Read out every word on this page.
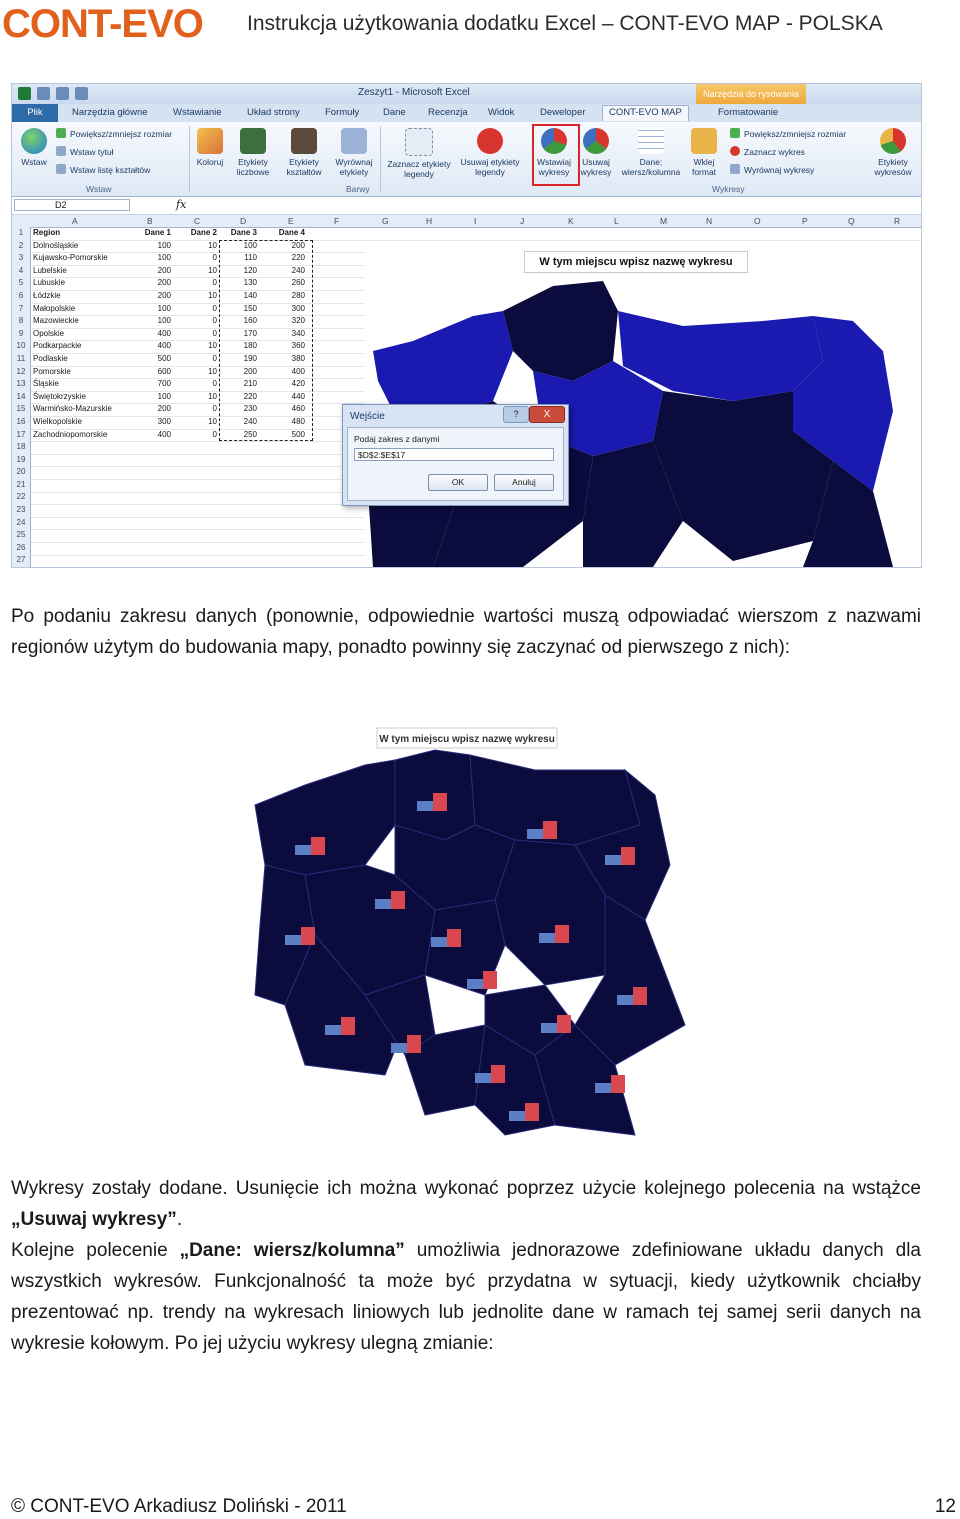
CONT-EVO Instrukcja użytkowania dodatku Excel – CONT-EVO MAP - POLSKA
Zeszyt1 - Microsoft Excel	Narzędzia do rysowania
Plik	Narzędzia główne	Wstawianie	Układ strony	Formuły Dane Recenzja Widok	Deweloper	CONT-EVO MAP	Formatowanie
Wstaw
Powiększ/zmniejsz rozmiar
Wstaw tytuł
Wstaw listę kształtów
Wstaw
Koloruj	Etykiety liczbowe
Etykiety kształtów
Wyrównaj etykiety
Barwy
Zaznacz etykiety legendy
Usuwaj etykiety legendy
Wstawiaj wykresy
Usuwaj wykresy
Dane: wiersz/kolumna
Wklej format
Powiększ/zmniejsz rozmiar
Zaznacz wykres
Wyrównaj wykresy
Wykresy
Etykiety wykresów
D2	fx
A	B	C	D	E	F	G	H	I	J	K	L	M	N	O	P	Q	R
1
2
3
4
5
6
7
8
9
10
11
12
13
14
15
16
17
18
19
20
21
22
23
24
25
26
27
Region	Dane 1	Dane 2	Dane 3	Dane 4
Dolnośląskie	100	10	100	200
Kujawsko-Pomorskie	100	0	110	220
Lubelskie	200	10	120	240
Lubuskie	200	0	130	260
Łódzkie	200	10	140	280
Małopolskie	100	0	150	300
Mazowieckie	100	0	160	320
Opolskie	400	0	170	340
Podkarpackie	400	10	180	360
Podlaskie	500	0	190	380
Pomorskie	600	10	200	400
Śląskie	700	0	210	420
Świętokrzyskie	100	10	220	440
Warmińsko-Mazurskie	200	0	230	460
Wielkopolskie	300	10	240	480
Zachodniopomorskie	400	0	250	500
W tym miejscu wpisz nazwę wykresu
Wejście	?	X
Podaj zakres z danymi
$D$2:$E$17
OK	Anuluj
Po podaniu zakresu danych (ponownie, odpowiednie wartości muszą odpowiadać wierszom z nazwami regionów użytym do budowania mapy, ponadto powinny się zaczynać od pierwszego z nich):
W tym miejscu wpisz nazwę wykresu
Wykresy zostały dodane. Usunięcie ich można wykonać poprzez użycie kolejnego polecenia na wstążce „Usuwaj wykresy”.
Kolejne polecenie „Dane: wiersz/kolumna” umożliwia jednorazowe zdefiniowane układu danych dla wszystkich wykresów. Funkcjonalność ta może być przydatna w sytuacji, kiedy użytkownik chciałby prezentować np. trendy na wykresach liniowych lub jednolite dane w ramach tej samej serii danych na wykresie kołowym. Po jej użyciu wykresy ulegną zmianie:
© CONT-EVO Arkadiusz Doliński - 2011	12
